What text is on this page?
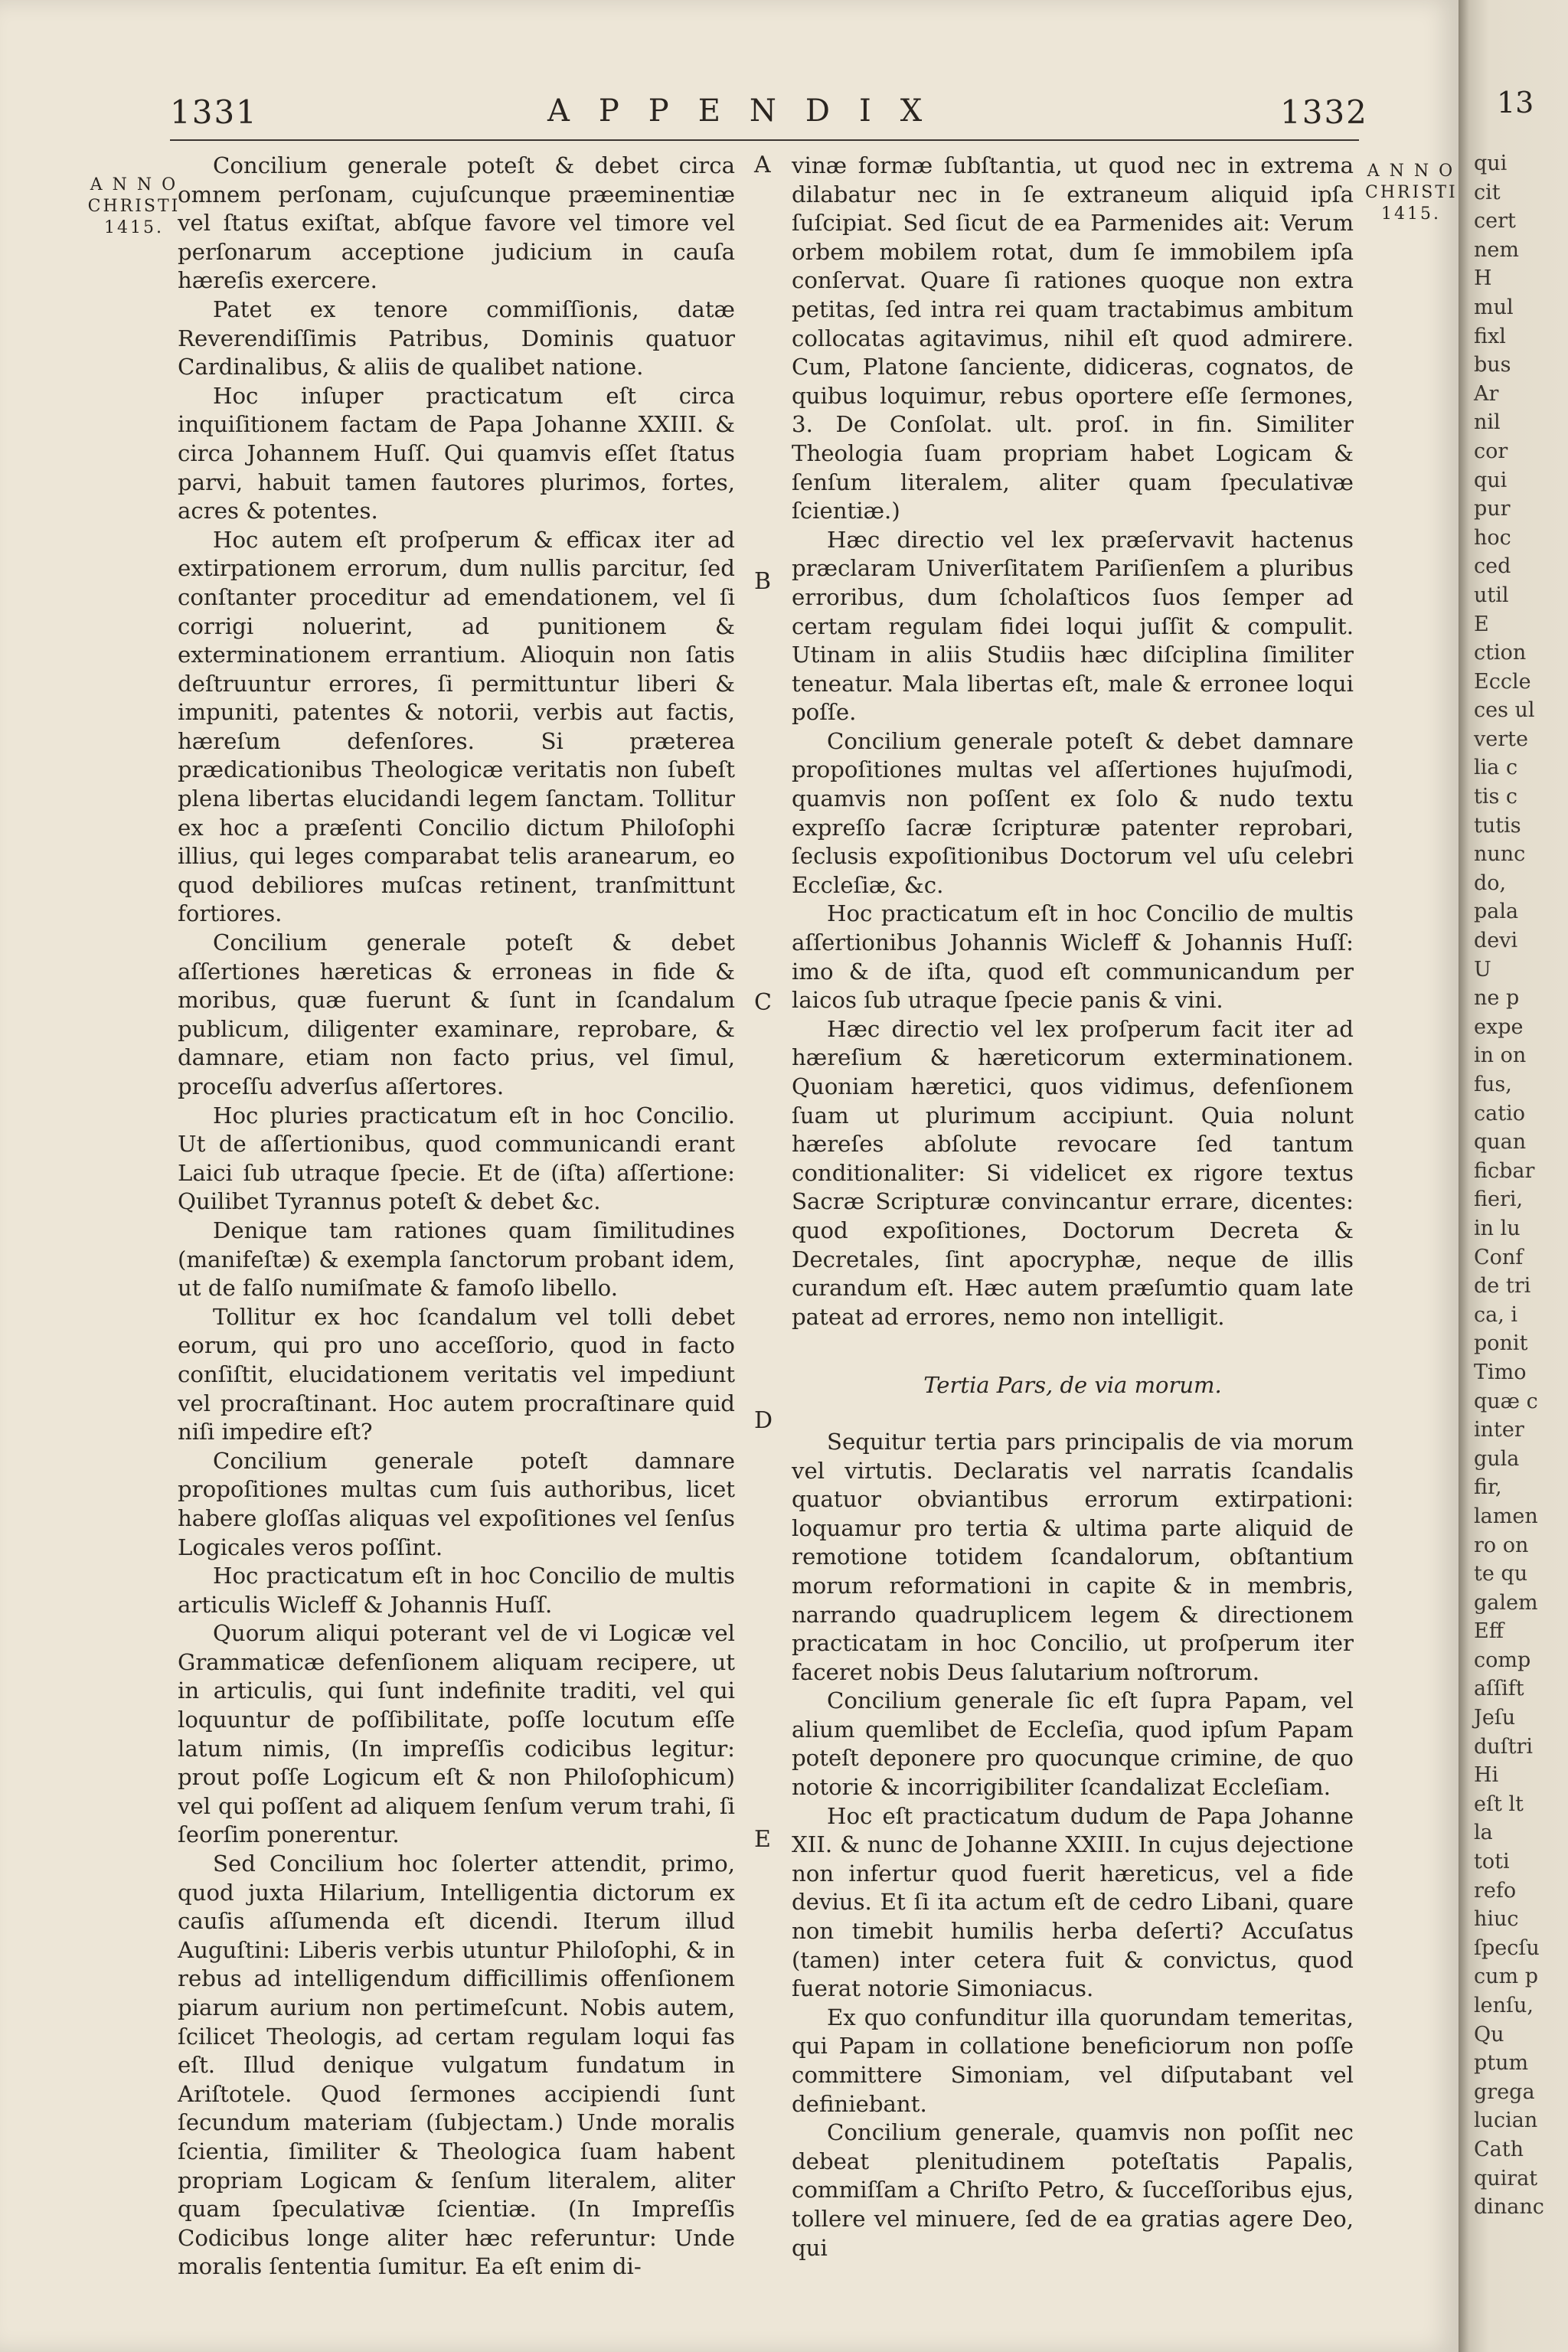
1331	APPENDIX	1332
A N N O
CHRISTI
1415.
A N N O
CHRISTI
1415.
A
B
C
D
E

Concilium generale poteſt & debet circa omnem perſonam, cujuſcunque præeminentiæ vel ſtatus exiſtat, abſque favore vel timore vel perſonarum acceptione judicium in cauſa hæreſis exercere.

Patet ex tenore commiſſionis, datæ Reverendiſſimis Patribus, Dominis quatuor Cardinalibus, & aliis de qualibet natione.

Hoc inſuper practicatum eſt circa inquiſitionem factam de Papa Johanne XXIII. & circa Johannem Huſſ. Qui quamvis eſſet ſtatus parvi, habuit tamen fautores plurimos, fortes, acres & potentes.

Hoc autem eſt proſperum & efficax iter ad extirpationem errorum, dum nullis parcitur, ſed conſtanter proceditur ad emendationem, vel ſi corrigi noluerint, ad punitionem & exterminationem errantium. Alioquin non ſatis deſtruuntur errores, ſi permittuntur liberi & impuniti, patentes & notorii, verbis aut factis, hæreſum defenſores. Si præterea prædicationibus Theologicæ veritatis non ſubeſt plena libertas elucidandi legem ſanctam. Tollitur ex hoc a præſenti Concilio dictum Philoſophi illius, qui leges comparabat telis aranearum, eo quod debiliores muſcas retinent, tranſmittunt fortiores.

Concilium generale poteſt & debet aſſertiones hæreticas & erroneas in fide & moribus, quæ fuerunt & ſunt in ſcandalum publicum, diligenter examinare, reprobare, & damnare, etiam non facto prius, vel ſimul, proceſſu adverſus aſſertores.

Hoc pluries practicatum eſt in hoc Concilio. Ut de aſſertionibus, quod communicandi erant Laici ſub utraque ſpecie. Et de (iſta) aſſertione: Quilibet Tyrannus poteſt & debet &c.

Denique tam rationes quam ſimilitudines (manifeſtæ) & exempla ſanctorum probant idem, ut de falſo numiſmate & famoſo libello.

Tollitur ex hoc ſcandalum vel tolli debet eorum, qui pro uno acceſſorio, quod in facto conſiſtit, elucidationem veritatis vel impediunt vel procraſtinant. Hoc autem procraſtinare quid niſi impedire eſt?

Concilium generale poteſt damnare propoſitiones multas cum ſuis authoribus, licet habere gloſſas aliquas vel expoſitiones vel ſenſus Logicales veros poſſint.

Hoc practicatum eſt in hoc Concilio de multis articulis Wicleff & Johannis Huſſ.

Quorum aliqui poterant vel de vi Logicæ vel Grammaticæ defenſionem aliquam recipere, ut in articulis, qui ſunt indefinite traditi, vel qui loquuntur de poſſibilitate, poſſe locutum eſſe latum nimis, (In impreſſis codicibus legitur: prout poſſe Logicum eſt & non Philoſophicum) vel qui poſſent ad aliquem ſenſum verum trahi, ſi ſeorſim ponerentur.

Sed Concilium hoc ſolerter attendit, primo, quod juxta Hilarium, Intelligentia dictorum ex cauſis aſſumenda eſt dicendi. Iterum illud Auguſtini: Liberis verbis utuntur Philoſophi, & in rebus ad intelligendum difficillimis offenſionem piarum aurium non pertimeſcunt. Nobis autem, ſcilicet Theologis, ad certam regulam loqui fas eſt. Illud denique vulgatum fundatum in Ariſtotele. Quod ſermones accipiendi ſunt ſecundum materiam (ſubjectam.) Unde moralis ſcientia, ſimiliter & Theologica ſuam habent propriam Logicam & ſenſum literalem, aliter quam ſpeculativæ ſcientiæ. (In Impreſſis Codicibus longe aliter hæc referuntur: Unde moralis ſententia ſumitur. Ea eſt enim di-

vinæ formæ ſubſtantia, ut quod nec in extrema dilabatur nec in ſe extraneum aliquid ipſa ſuſcipiat. Sed ſicut de ea Parmenides ait: Verum orbem mobilem rotat, dum ſe immobilem ipſa conſervat. Quare ſi rationes quoque non extra petitas, ſed intra rei quam tractabimus ambitum collocatas agitavimus, nihil eſt quod admirere. Cum, Platone ſanciente, didiceras, cognatos, de quibus loquimur, rebus oportere eſſe ſermones, 3. De Conſolat. ult. proſ. in fin. Similiter Theologia ſuam propriam habet Logicam & ſenſum literalem, aliter quam ſpeculativæ ſcientiæ.)

Hæc directio vel lex præſervavit hactenus præclaram Univerſitatem Pariſienſem a pluribus erroribus, dum ſcholaſticos ſuos ſemper ad certam regulam fidei loqui juſſit & compulit. Utinam in aliis Studiis hæc diſciplina ſimiliter teneatur. Mala libertas eſt, male & erronee loqui poſſe.

Concilium generale poteſt & debet damnare propoſitiones multas vel aſſertiones hujuſmodi, quamvis non poſſent ex ſolo & nudo textu expreſſo ſacræ ſcripturæ patenter reprobari, ſeclusis expoſitionibus Doctorum vel uſu celebri Eccleſiæ, &c.

Hoc practicatum eſt in hoc Concilio de multis aſſertionibus Johannis Wicleff & Johannis Huſſ: imo & de iſta, quod eſt communicandum per laicos ſub utraque ſpecie panis & vini.

Hæc directio vel lex proſperum facit iter ad hæreſium & hæreticorum exterminationem. Quoniam hæretici, quos vidimus, defenſionem ſuam ut plurimum accipiunt. Quia nolunt hæreſes abſolute revocare ſed tantum conditionaliter: Si videlicet ex rigore textus Sacræ Scripturæ convincantur errare, dicentes: quod expoſitiones, Doctorum Decreta & Decretales, ſint apocryphæ, neque de illis curandum eſt. Hæc autem præſumtio quam late pateat ad errores, nemo non intelligit.

Tertia Pars, de via morum.

Sequitur tertia pars principalis de via morum vel virtutis. Declaratis vel narratis ſcandalis quatuor obviantibus errorum extirpationi: loquamur pro tertia & ultima parte aliquid de remotione totidem ſcandalorum, obſtantium morum reformationi in capite & in membris, narrando quadruplicem legem & directionem practicatam in hoc Concilio, ut proſperum iter faceret nobis Deus ſalutarium noſtrorum.

Concilium generale ſic eſt ſupra Papam, vel alium quemlibet de Eccleſia, quod ipſum Papam poteſt deponere pro quocunque crimine, de quo notorie & incorrigibiliter ſcandalizat Eccleſiam.

Hoc eſt practicatum dudum de Papa Johanne XII. & nunc de Johanne XXIII. In cujus dejectione non infertur quod fuerit hæreticus, vel a fide devius. Et ſi ita actum eſt de cedro Libani, quare non timebit humilis herba deſerti? Accuſatus (tamen) inter cetera fuit & convictus, quod fuerat notorie Simoniacus.

Ex quo confunditur illa quorundam temeritas, qui Papam in collatione beneficiorum non poſſe committere Simoniam, vel diſputabant vel definiebant.

Concilium generale, quamvis non poſſit nec debeat plenitudinem poteſtatis Papalis, commiſſam a Chriſto Petro, & ſucceſſoribus ejus, tollere vel minuere, ſed de ea gratias agere Deo, qui

13
qui
cit
cert
nem
H
mul
fixl
bus
Ar
nil
cor
qui
pur
hoc
ced
util
E
ction
Eccle
ces ul
verte
lia c
tis c
tutis
nunc
do,
pala
devi
U
ne p
expe
in on
fus,
catio
quan
ficbar
fieri,
in lu
Conf
de tri
ca, i
ponit
Timo
quæ c
inter
gula
fir,
lamen
ro on
te qu
galem
Eff
comp
aſſift
Jeſu
duſtri
Hi
eſt lt
la
toti
refo
hiuc
ſpecſu
cum p
lenſu,
Qu
ptum
grega
lucian
Cath
quirat
dinanc
